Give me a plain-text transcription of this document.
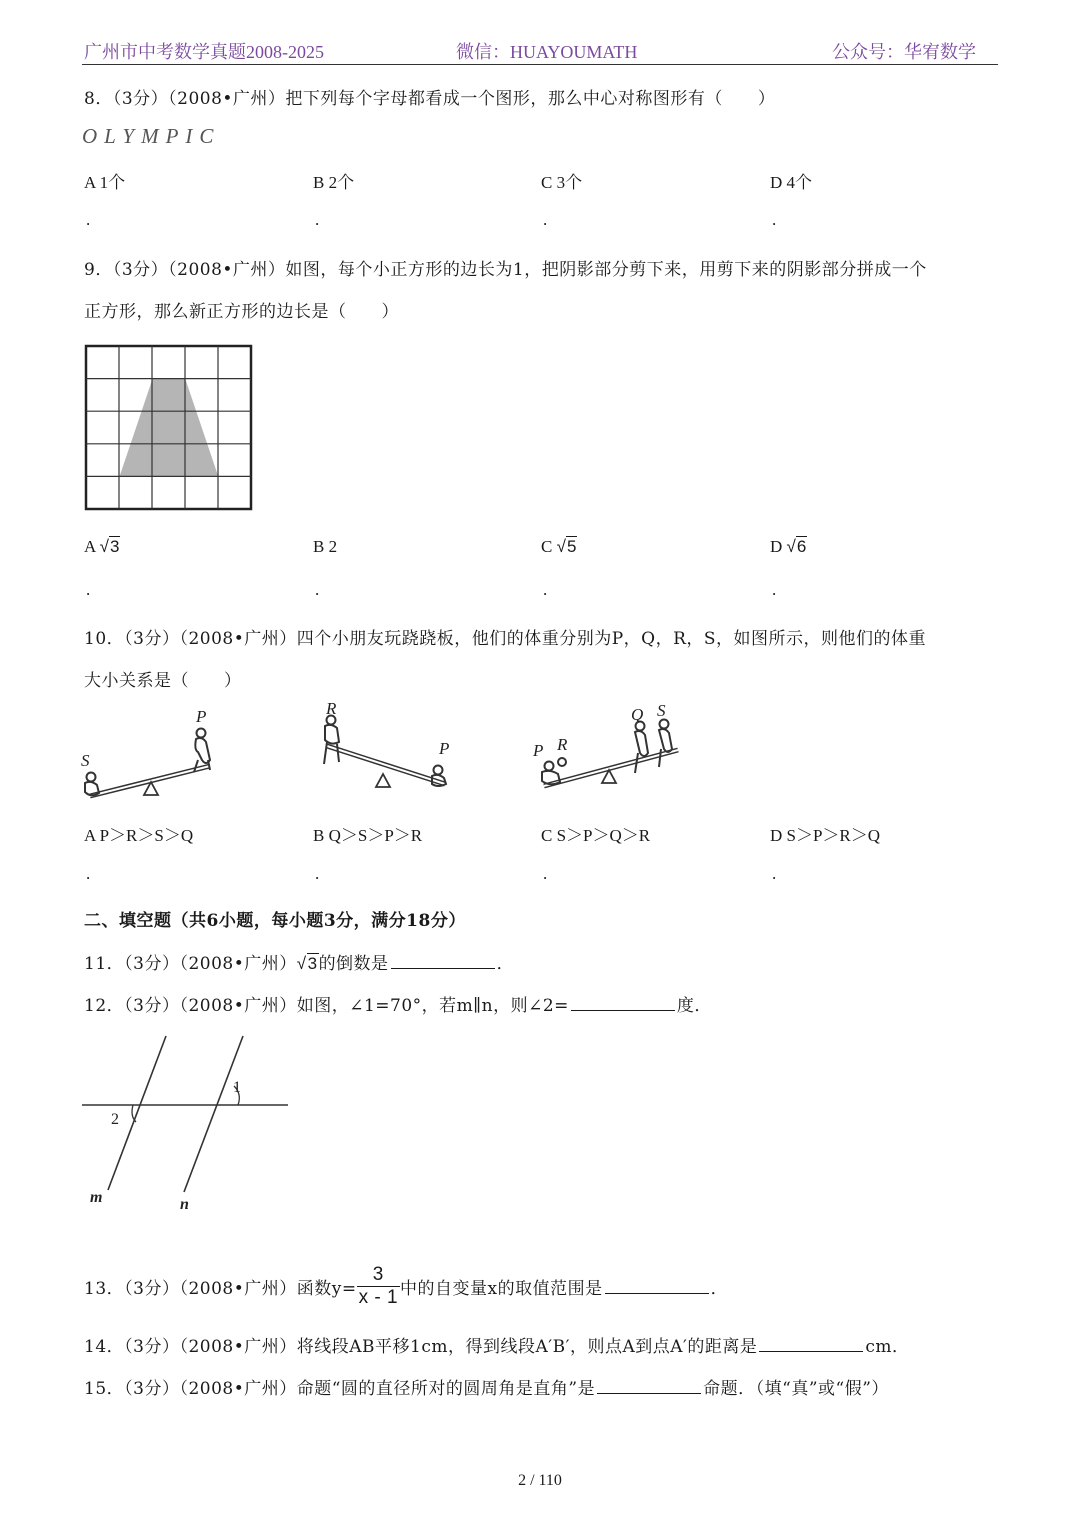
广州市中考数学真题2008-2025	微信：HUAYOUMATH	公众号：华宥数学
8．（3分）（2008•广州）把下列每个字母都看成一个图形，那么中心对称图形有（　　）
OLYMPIC
A 1个	B 2个	C 3个	D 4个
.	.	.	.
9．（3分）（2008•广州）如图，每个小正方形的边长为1，把阴影部分剪下来，用剪下来的阴影部分拼成一个
正方形，那么新正方形的边长是（　　）
A √3	B 2	C √5	D √6
.	.	.	.
10．（3分）（2008•广州）四个小朋友玩跷跷板，他们的体重分别为P，Q，R，S，如图所示，则他们的体重
大小关系是（　　）
S
P	R
P	P R
Q S
A P＞R＞S＞Q	B Q＞S＞P＞R	C S＞P＞Q＞R	D S＞P＞R＞Q
.	.	.	.
二、填空题（共6小题，每小题3分，满分18分）
11．（3分）（2008•广州）√3的倒数是	．
12．（3分）（2008•广州）如图，∠1=70°，若m∥n，则∠2=	度．
1
2
m	n
13．（3分）（2008•广州）函数$y= \frac{3}{x - 1}$ 中的自变量x的取值范围是	．
14．（3分）（2008•广州）将线段AB平移1cm，得到线段A′B′，则点A到点A′的距离是	cm．
15．（3分）（2008•广州）命题“圆的直径所对的圆周角是直角”是	命题．（填“真”或“假”）
2 / 110
